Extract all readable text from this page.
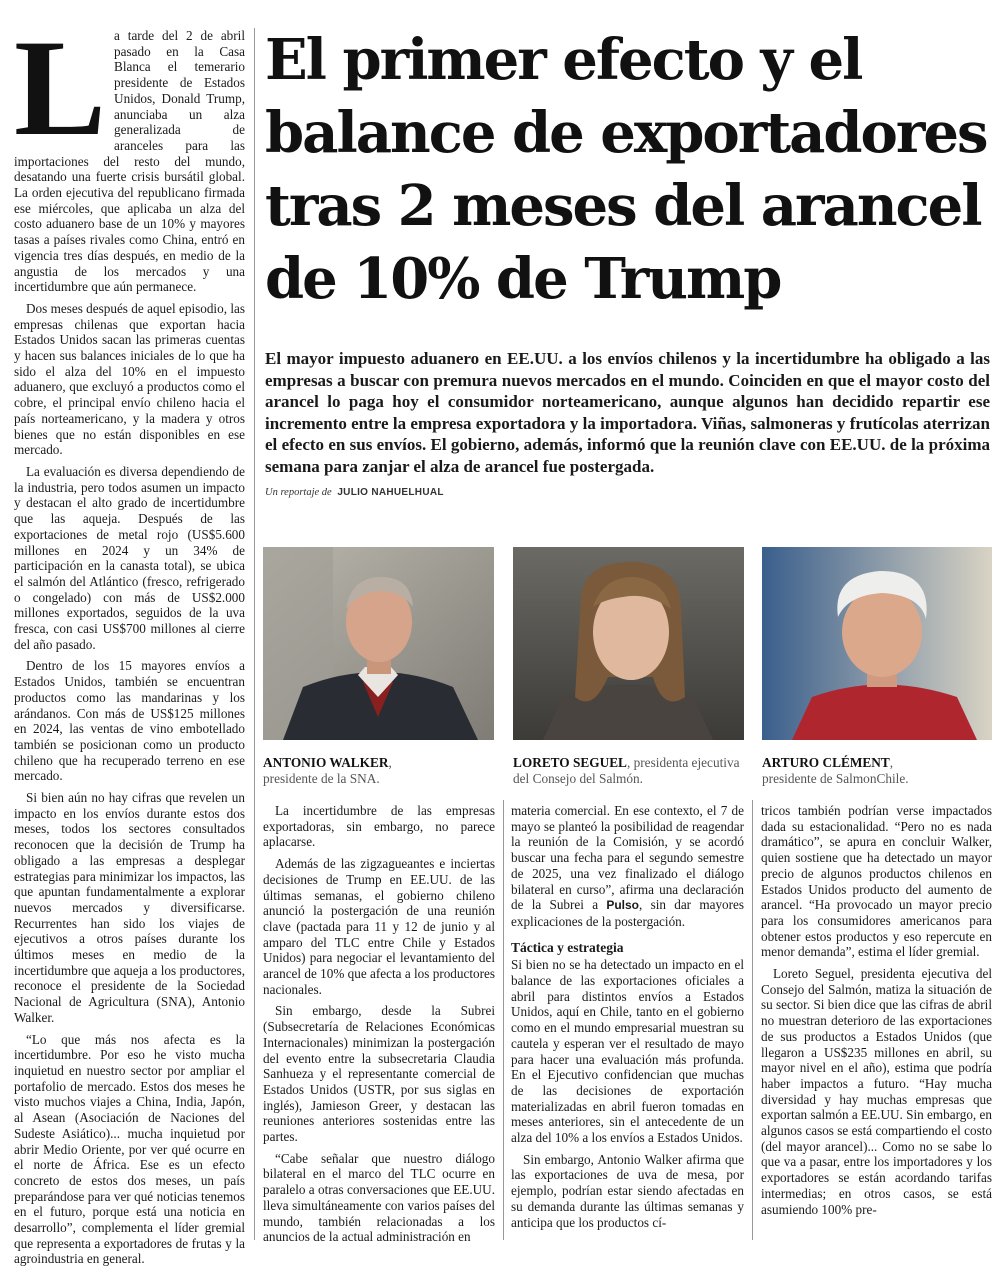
L a tarde del 2 de abril pasado en la Casa Blanca el temerario presidente de Estados Unidos, Donald Trump, anunciaba un alza generalizada de aranceles para las importaciones del resto del mundo, desatando una fuerte crisis bursátil global. La orden ejecutiva del republicano firmada ese miércoles, que aplicaba un alza del costo aduanero base de un 10% y mayores tasas a países rivales como China, entró en vigencia tres días después, en medio de la angustia de los mercados y una incertidumbre que aún permanece.

Dos meses después de aquel episodio, las empresas chilenas que exportan hacia Estados Unidos sacan las primeras cuentas y hacen sus balances iniciales de lo que ha sido el alza del 10% en el impuesto aduanero, que excluyó a productos como el cobre, el principal envío chileno hacia el país norteamericano, y la madera y otros bienes que no están disponibles en ese mercado.

La evaluación es diversa dependiendo de la industria, pero todos asumen un impacto y destacan el alto grado de incertidumbre que las aqueja. Después de las exportaciones de metal rojo (US$5.600 millones en 2024 y un 34% de participación en la canasta total), se ubica el salmón del Atlántico (fresco, refrigerado o congelado) con más de US$2.000 millones exportados, seguidos de la uva fresca, con casi US$700 millones al cierre del año pasado.

Dentro de los 15 mayores envíos a Estados Unidos, también se encuentran productos como las mandarinas y los arándanos. Con más de US$125 millones en 2024, las ventas de vino embotellado también se posicionan como un producto chileno que ha recuperado terreno en ese mercado.

Si bien aún no hay cifras que revelen un impacto en los envíos durante estos dos meses, todos los sectores consultados reconocen que la decisión de Trump ha obligado a las empresas a desplegar estrategias para minimizar los impactos, las que apuntan fundamentalmente a explorar nuevos mercados y diversificarse. Recurrentes han sido los viajes de ejecutivos a otros países durante los últimos meses en medio de la incertidumbre que aqueja a los productores, reconoce el presidente de la Sociedad Nacional de Agricultura (SNA), Antonio Walker.

“Lo que más nos afecta es la incertidumbre. Por eso he visto mucha inquietud en nuestro sector por ampliar el portafolio de mercado. Estos dos meses he visto muchos viajes a China, India, Japón, al Asean (Asociación de Naciones del Sudeste Asiático)... mucha inquietud por abrir Medio Oriente, por ver qué ocurre en el norte de África. Ese es un efecto concreto de estos dos meses, un país preparándose para ver qué noticias tenemos en el futuro, porque está una noticia en desarrollo”, complementa el líder gremial que representa a exportadores de frutas y la agroindustria en general.

El primer efecto y el balance de exportadores tras 2 meses del arancel de 10% de Trump

El mayor impuesto aduanero en EE.UU. a los envíos chilenos y la incertidumbre ha obligado a las empresas a buscar con premura nuevos mercados en el mundo. Coinciden en que el mayor costo del arancel lo paga hoy el consumidor norteamericano, aunque algunos han decidido repartir ese incremento entre la empresa exportadora y la importadora. Viñas, salmoneras y frutícolas aterrizan el efecto en sus envíos. El gobierno, además, informó que la reunión clave con EE.UU. de la próxima semana para zanjar el alza de arancel fue postergada.

Un reportaje de JULIO NAHUELHUAL
ANTONIO WALKER,
presidente de la SNA.
LORETO SEGUEL, presidenta ejecutiva del Consejo del Salmón.
ARTURO CLÉMENT,
presidente de SalmonChile.

La incertidumbre de las empresas exportadoras, sin embargo, no parece aplacarse.

Además de las zigzagueantes e inciertas decisiones de Trump en EE.UU. de las últimas semanas, el gobierno chileno anunció la postergación de una reunión clave (pactada para 11 y 12 de junio y al amparo del TLC entre Chile y Estados Unidos) para negociar el levantamiento del arancel de 10% que afecta a los productores nacionales.

Sin embargo, desde la Subrei (Subsecretaría de Relaciones Económicas Internacionales) minimizan la postergación del evento entre la subsecretaria Claudia Sanhueza y el representante comercial de Estados Unidos (USTR, por sus siglas en inglés), Jamieson Greer, y destacan las reuniones anteriores sostenidas entre las partes.

“Cabe señalar que nuestro diálogo bilateral en el marco del TLC ocurre en paralelo a otras conversaciones que EE.UU. lleva simultáneamente con varios países del mundo, también relacionadas a los anuncios de la actual administración en

materia comercial. En ese contexto, el 7 de mayo se planteó la posibilidad de reagendar la reunión de la Comisión, y se acordó buscar una fecha para el segundo semestre de 2025, una vez finalizado el diálogo bilateral en curso”, afirma una declaración de la Subrei a Pulso, sin dar mayores explicaciones de la postergación.

Táctica y estrategia

Si bien no se ha detectado un impacto en el balance de las exportaciones oficiales a abril para distintos envíos a Estados Unidos, aquí en Chile, tanto en el gobierno como en el mundo empresarial muestran su cautela y esperan ver el resultado de mayo para hacer una evaluación más profunda. En el Ejecutivo confidencian que muchas de las decisiones de exportación materializadas en abril fueron tomadas en meses anteriores, sin el antecedente de un alza del 10% a los envíos a Estados Unidos.

Sin embargo, Antonio Walker afirma que las exportaciones de uva de mesa, por ejemplo, podrían estar siendo afectadas en su demanda durante las últimas semanas y anticipa que los productos cí-

tricos también podrían verse impactados dada su estacionalidad. “Pero no es nada dramático”, se apura en concluir Walker, quien sostiene que ha detectado un mayor precio de algunos productos chilenos en Estados Unidos producto del aumento de arancel. “Ha provocado un mayor precio para los consumidores americanos para obtener estos productos y eso repercute en menor demanda”, estima el líder gremial.

Loreto Seguel, presidenta ejecutiva del Consejo del Salmón, matiza la situación de su sector. Si bien dice que las cifras de abril no muestran deterioro de las exportaciones de sus productos a Estados Unidos (que llegaron a US$235 millones en abril, su mayor nivel en el año), estima que podría haber impactos a futuro. “Hay mucha diversidad y hay muchas empresas que exportan salmón a EE.UU. Sin embargo, en algunos casos se está compartiendo el costo (del mayor arancel)... Como no se sabe lo que va a pasar, entre los importadores y los exportadores se están acordando tarifas intermedias; en otros casos, se está asumiendo 100% pre-
